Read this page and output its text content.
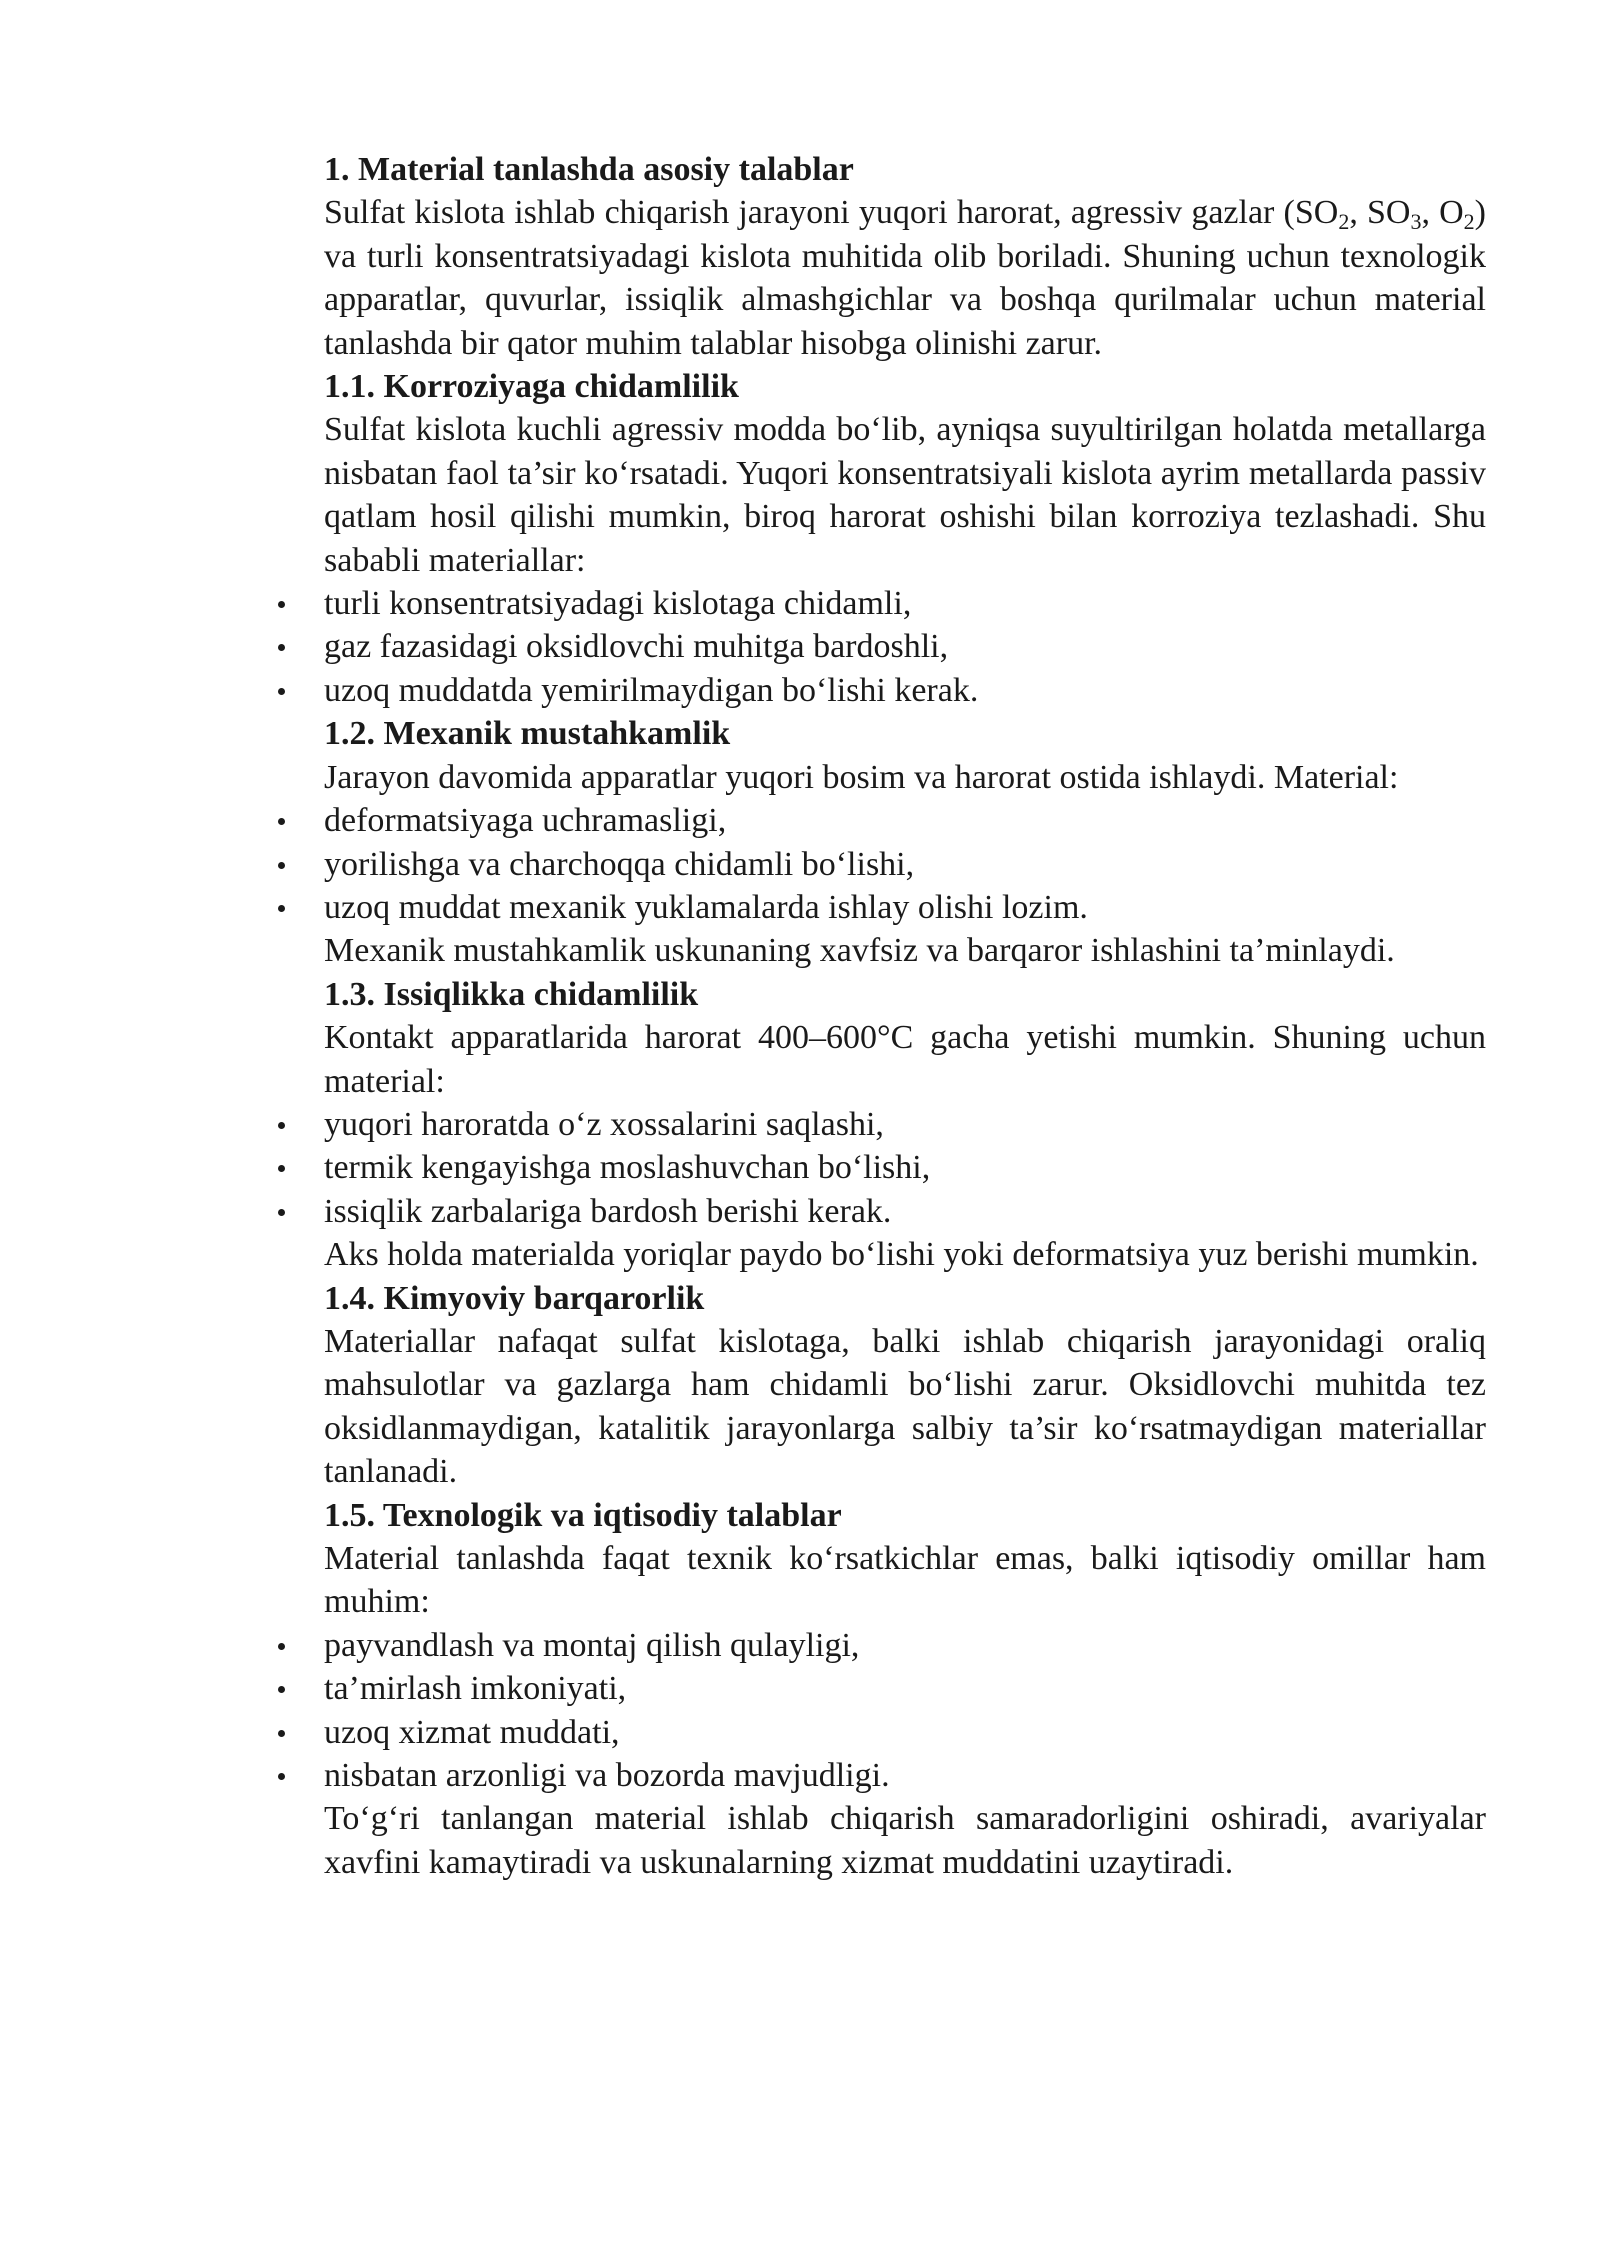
1. Material tanlashda asosiy talablar

Sulfat kislota ishlab chiqarish jarayoni yuqori harorat, agressiv gazlar ($SO_2$, $SO_3$, $O_2$) va turli konsentratsiyadagi kislota muhitida olib boriladi. Shuning uchun texnologik apparatlar, quvurlar, issiqlik almashgichlar va boshqa qurilmalar uchun material tanlashda bir qator muhim talablar hisobga olinishi zarur.

1.1. Korroziyaga chidamlilik

Sulfat kislota kuchli agressiv modda bo‘lib, ayniqsa suyultirilgan holatda metallarga nisbatan faol ta’sir ko‘rsatadi. Yuqori konsentratsiyali kislota ayrim metallarda passiv qatlam hosil qilishi mumkin, biroq harorat oshishi bilan korroziya tezlashadi. Shu sababli materiallar:

turli konsentratsiyadagi kislotaga chidamli,
gaz fazasidagi oksidlovchi muhitga bardoshli,
uzoq muddatda yemirilmaydigan bo‘lishi kerak.
1.2. Mexanik mustahkamlik

Jarayon davomida apparatlar yuqori bosim va harorat ostida ishlaydi. Material:

deformatsiyaga uchramasligi,
yorilishga va charchoqqa chidamli bo‘lishi,
uzoq muddat mexanik yuklamalarda ishlay olishi lozim.

Mexanik mustahkamlik uskunaning xavfsiz va barqaror ishlashini ta’minlaydi.

1.3. Issiqlikka chidamlilik

Kontakt apparatlarida harorat 400–600°C gacha yetishi mumkin. Shuning uchun material:

yuqori haroratda o‘z xossalarini saqlashi,
termik kengayishga moslashuvchan bo‘lishi,
issiqlik zarbalariga bardosh berishi kerak.

Aks holda materialda yoriqlar paydo bo‘lishi yoki deformatsiya yuz berishi mumkin.

1.4. Kimyoviy barqarorlik

Materiallar nafaqat sulfat kislotaga, balki ishlab chiqarish jarayonidagi oraliq mahsulotlar va gazlarga ham chidamli bo‘lishi zarur. Oksidlovchi muhitda tez oksidlanmaydigan, katalitik jarayonlarga salbiy ta’sir ko‘rsatmaydigan materiallar tanlanadi.

1.5. Texnologik va iqtisodiy talablar

Material tanlashda faqat texnik ko‘rsatkichlar emas, balki iqtisodiy omillar ham muhim:

payvandlash va montaj qilish qulayligi,
ta’mirlash imkoniyati,
uzoq xizmat muddati,
nisbatan arzonligi va bozorda mavjudligi.

To‘g‘ri tanlangan material ishlab chiqarish samaradorligini oshiradi, avariyalar xavfini kamaytiradi va uskunalarning xizmat muddatini uzaytiradi.
